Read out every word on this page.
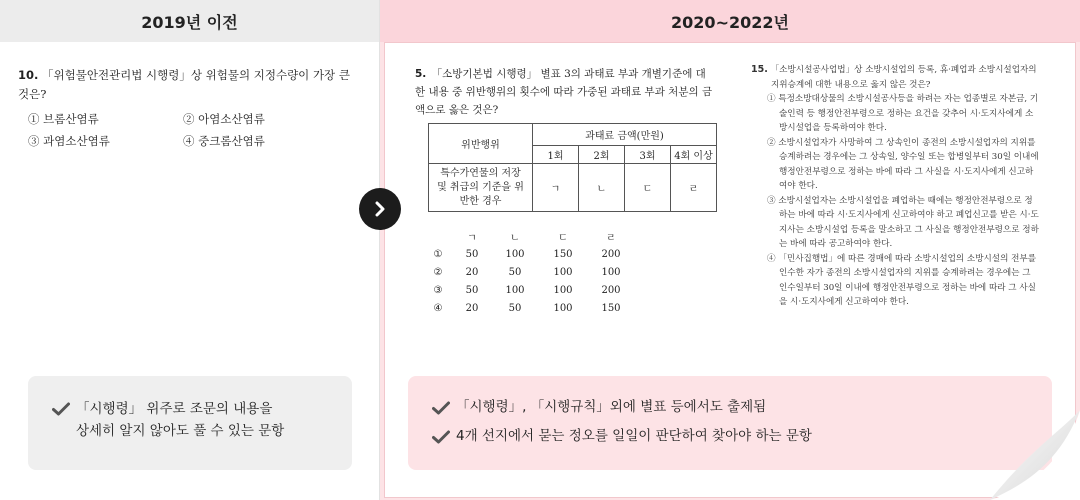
2019년 이전
10. 「위험물안전관리법 시행령」상 위험물의 지정수량이 가장 큰 것은?
① 브롬산염류	② 아염소산염류
③ 과염소산염류	④ 중크롬산염류
「시행령」 위주로 조문의 내용을
상세히 알지 않아도 풀 수 있는 문항
2020~2022년
5. 「소방기본법 시행령」 별표 3의 과태료 부과 개별기준에 대한 내용 중 위반행위의 횟수에 따라 가중된 과태료 부과 처분의 금액으로 옳은 것은?
위반행위	과태료 금액(만원)			
	1회	2회	3회	4회 이상
특수가연물의 저장 및 취급의 기준을 위반한 경우	ㄱ	ㄴ	ㄷ	ㄹ
ㄱ	ㄴ	ㄷ	ㄹ
①	50	100	150	200
②	20	50	100	100
③	50	100	100	200
④	20	50	100	150
15. 「소방시설공사업법」상 소방시설업의 등록, 휴·폐업과 소방시설업자의 지위승계에 대한 내용으로 옳지 않은 것은?
① 특정소방대상물의 소방시설공사등을 하려는 자는 업종별로 자본금, 기술인력 등 행정안전부령으로 정하는 요건을 갖추어 시·도지사에게 소방시설업을 등록하여야 한다.
② 소방시설업자가 사망하여 그 상속인이 종전의 소방시설업자의 지위를 승계하려는 경우에는 그 상속일, 양수일 또는 합병일부터 30일 이내에 행정안전부령으로 정하는 바에 따라 그 사실을 시·도지사에게 신고하여야 한다.
③ 소방시설업자는 소방시설업을 폐업하는 때에는 행정안전부령으로 정하는 바에 따라 시·도지사에게 신고하여야 하고 폐업신고를 받은 시·도지사는 소방시설업 등록을 말소하고 그 사실을 행정안전부령으로 정하는 바에 따라 공고하여야 한다.
④ 「민사집행법」에 따른 경매에 따라 소방시설업의 소방시설의 전부를 인수한 자가 종전의 소방시설업자의 지위를 승계하려는 경우에는 그 인수일부터 30일 이내에 행정안전부령으로 정하는 바에 따라 그 사실을 시·도지사에게 신고하여야 한다.
「시행령」, 「시행규칙」외에 별표 등에서도 출제됨
4개 선지에서 묻는 정오를 일일이 판단하여 찾아야 하는 문항
